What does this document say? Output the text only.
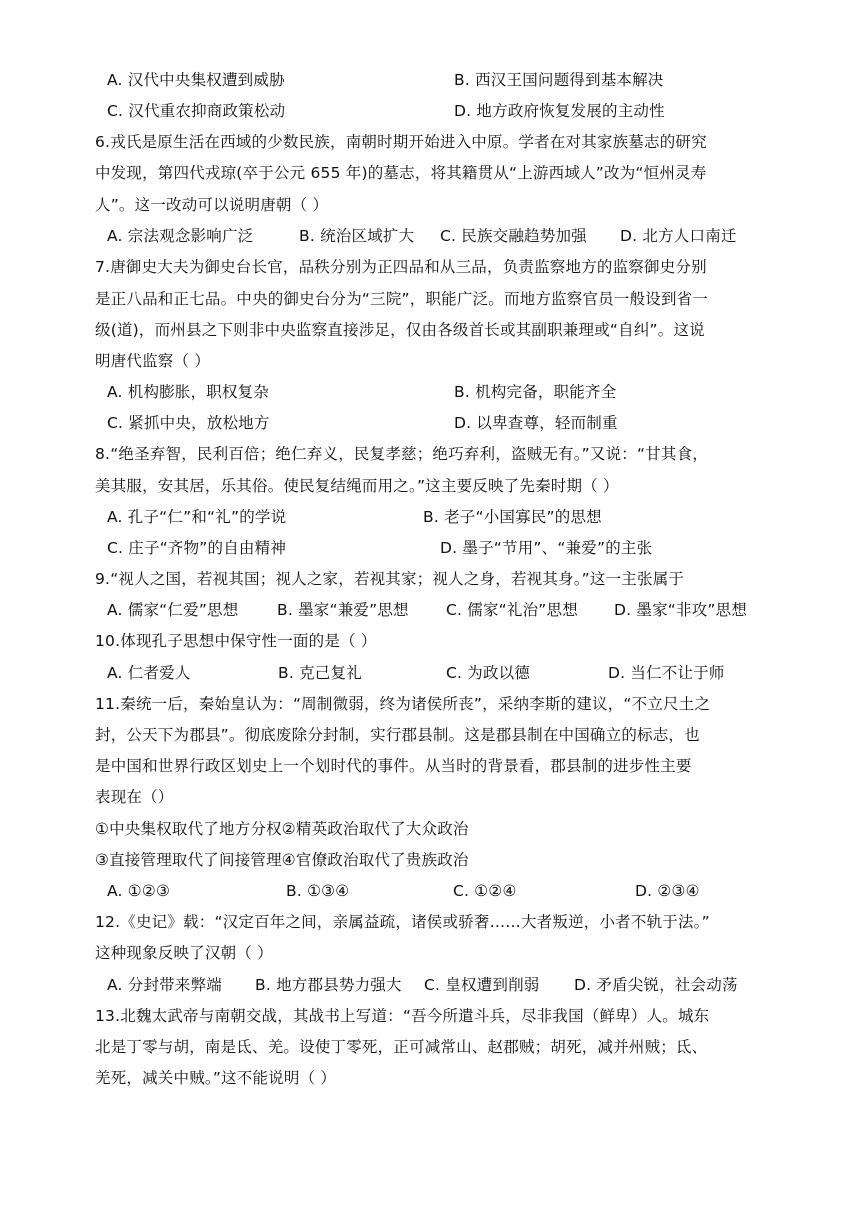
A. 汉代中央集权遭到威胁	B. 西汉王国问题得到基本解决
C. 汉代重农抑商政策松动	D. 地方政府恢复发展的主动性
6.戎氏是原生活在西域的少数民族，南朝时期开始进入中原。学者在对其家族墓志的研究
中发现，第四代戎琼(卒于公元 655 年)的墓志，将其籍贯从“上游西域人”改为“恒州灵寿
人”。这一改动可以说明唐朝（ ）
A. 宗法观念影响广泛	B. 统治区域扩大 C. 民族交融趋势加强 D. 北方人口南迁
7.唐御史大夫为御史台长官，品秩分别为正四品和从三品，负责监察地方的监察御史分别
是正八品和正七品。中央的御史台分为“三院”，职能广泛。而地方监察官员一般设到省一
级(道)，而州县之下则非中央监察直接涉足，仅由各级首长或其副职兼理或“自纠”。这说
明唐代监察（ ）
A. 机构膨胀，职权复杂	B. 机构完备，职能齐全
C. 紧抓中央，放松地方	D. 以卑查尊，轻而制重
8.“绝圣弃智，民利百倍；绝仁弃义，民复孝慈；绝巧弃利，盗贼无有。”又说：“甘其食，
美其服，安其居，乐其俗。使民复结绳而用之。”这主要反映了先秦时期（ ）
A. 孔子“仁”和“礼”的学说	B. 老子“小国寡民”的思想
C. 庄子“齐物”的自由精神	D. 墨子“节用”、“兼爱”的主张
9.“视人之国，若视其国；视人之家，若视其家；视人之身，若视其身。”这一主张属于
A. 儒家“仁爱”思想 B. 墨家“兼爱”思想 C. 儒家“礼治”思想 D. 墨家“非攻”思想
10.体现孔子思想中保守性一面的是（ ）
A. 仁者爱人	B. 克己复礼	C. 为政以德	D. 当仁不让于师
11.秦统一后，秦始皇认为：“周制微弱，终为诸侯所丧”，采纳李斯的建议，“不立尺土之
封，公天下为郡县”。彻底废除分封制，实行郡县制。这是郡县制在中国确立的标志，也
是中国和世界行政区划史上一个划时代的事件。从当时的背景看，郡县制的进步性主要
表现在（）
①中央集权取代了地方分权②精英政治取代了大众政治
③直接管理取代了间接管理④官僚政治取代了贵族政治
A. ①②③	B. ①③④	C. ①②④	D. ②③④
12.《史记》载：“汉定百年之间，亲属益疏，诸侯或骄奢……大者叛逆，小者不轨于法。”
这种现象反映了汉朝（ ）
A. 分封带来弊端 B. 地方郡县势力强大 C. 皇权遭到削弱 D. 矛盾尖锐，社会动荡
13.北魏太武帝与南朝交战，其战书上写道：“吾今所遣斗兵，尽非我国（鲜卑）人。城东
北是丁零与胡，南是氐、羌。设使丁零死，正可减常山、赵郡贼；胡死，减并州贼；氐、
羌死，减关中贼。”这不能说明（ ）
